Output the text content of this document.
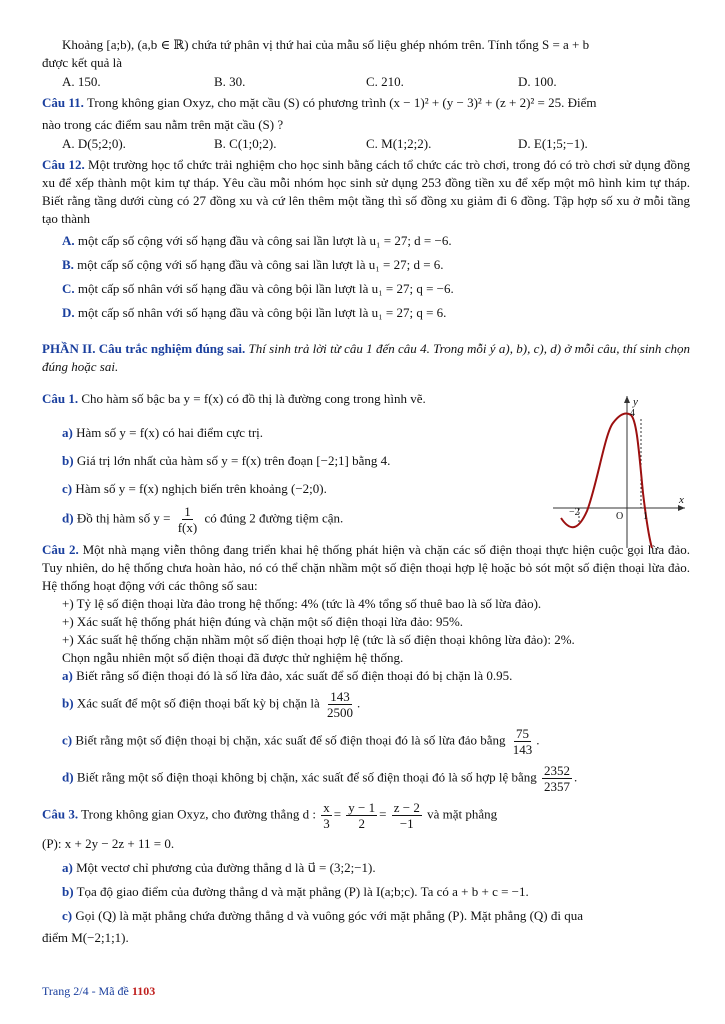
Khoảng [a;b), (a,b ∈ ℝ) chứa tứ phân vị thứ hai của mẫu số liệu ghép nhóm trên. Tính tổng S = a + b

được kết quả là

A. 150.	B. 30.	C. 210.	D. 100.

Câu 11. Trong không gian Oxyz, cho mặt cầu (S) có phương trình (x − 1)² + (y − 3)² + (z + 2)² = 25. Điểm

nào trong các điểm sau nằm trên mặt cầu (S) ?

A. D(5;2;0).	B. C(1;0;2).	C. M(1;2;2).	D. E(1;5;−1).

Câu 12. Một trường học tổ chức trải nghiệm cho học sinh bằng cách tổ chức các trò chơi, trong đó có trò chơi sử dụng đồng xu để xếp thành một kim tự tháp. Yêu cầu mỗi nhóm học sinh sử dụng 253 đồng tiền xu để xếp một mô hình kim tự tháp. Biết rằng tầng dưới cùng có 27 đồng xu và cứ lên thêm một tầng thì số đồng xu giảm đi 6 đồng. Tập hợp số xu ở mỗi tầng tạo thành

A. một cấp số cộng với số hạng đầu và công sai lần lượt là u₁ = 27; d = −6.

B. một cấp số cộng với số hạng đầu và công sai lần lượt là u₁ = 27; d = 6.

C. một cấp số nhân với số hạng đầu và công bội lần lượt là u₁ = 27; q = −6.

D. một cấp số nhân với số hạng đầu và công bội lần lượt là u₁ = 27; q = 6.

PHẦN II. Câu trắc nghiệm đúng sai. Thí sinh trả lời từ câu 1 đến câu 4. Trong mỗi ý a), b), c), d) ở mỗi câu, thí sinh chọn đúng hoặc sai.

Câu 1. Cho hàm số bậc ba y = f(x) có đồ thị là đường cong trong hình vẽ.

a) Hàm số y = f(x) có hai điểm cực trị.

b) Giá trị lớn nhất của hàm số y = f(x) trên đoạn [−2;1] bằng 4.

c) Hàm số y = f(x) nghịch biến trên khoảng (−2;0).

d) Đồ thị hàm số $y = \frac{1}{f(x)}$ có đúng 2 đường tiệm cận.

Câu 2. Một nhà mạng viễn thông đang triển khai hệ thống phát hiện và chặn các số điện thoại thực hiện cuộc gọi lừa đảo. Tuy nhiên, do hệ thống chưa hoàn hảo, nó có thể chặn nhầm một số điện thoại hợp lệ hoặc bỏ sót một số điện thoại lừa đảo. Hệ thống hoạt động với các thông số sau:

+) Tỷ lệ số điện thoại lừa đảo trong hệ thống: 4% (tức là 4% tổng số thuê bao là số lừa đảo).

+) Xác suất hệ thống phát hiện đúng và chặn một số điện thoại lừa đảo: 95%.

+) Xác suất hệ thống chặn nhầm một số điện thoại hợp lệ (tức là số điện thoại không lừa đảo): 2%.

Chọn ngẫu nhiên một số điện thoại đã được thử nghiệm hệ thống.

a) Biết rằng số điện thoại đó là số lừa đảo, xác suất để số điện thoại đó bị chặn là 0.95.

b) Xác suất để một số điện thoại bất kỳ bị chặn là $\frac{143}{2500}$ .

c) Biết rằng một số điện thoại bị chặn, xác suất để số điện thoại đó là số lừa đảo bằng $\frac{75}{143}$ .

d) Biết rằng một số điện thoại không bị chặn, xác suất để số điện thoại đó là số hợp lệ bằng $\frac{2352}{2357}$ .

Câu 3. Trong không gian Oxyz, cho đường thẳng d : $\frac{x}{3} = \frac{y - 1}{2} = \frac{z - 2}{-1}$ và mặt phẳng

(P): x + 2y − 2z + 11 = 0.

a) Một vectơ chỉ phương của đường thẳng d là u⃗ = (3;2;−1).

b) Tọa độ giao điểm của đường thẳng d và mặt phẳng (P) là I(a;b;c). Ta có a + b + c = −1.

c) Gọi (Q) là mặt phẳng chứa đường thẳng d và vuông góc với mặt phẳng (P). Mặt phẳng (Q) đi qua

điểm M(−2;1;1).

y
x
4
−2	O 1
Trang 2/4 - Mã đề 1103
